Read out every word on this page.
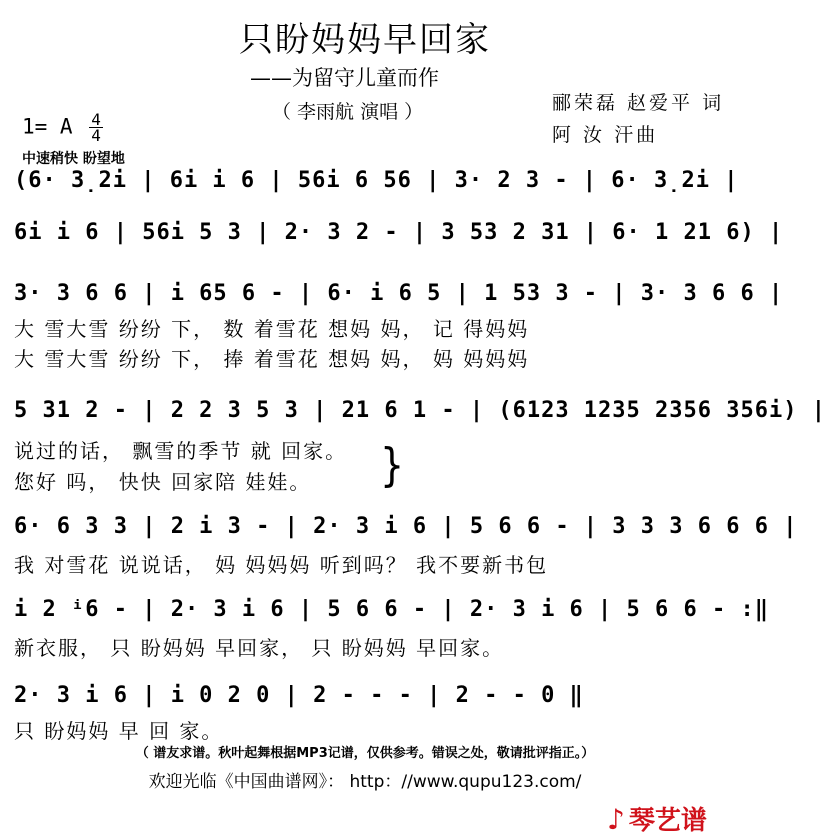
只盼妈妈早回家
——为留守儿童而作
（ 李雨航 演唱 ）	郦荣磊 赵爱平 词
阿 汝 汗曲
1= A $\frac{4}{4}$
中速稍快 盼望地
(6· 3̣2i | 6i i 6 | 56i 6 56 | 3· 2 3 - | 6· 3̣2i |
6i i 6 | 56i 5 3 | 2· 3 2 - | 3 53 2 31 | 6· 1 21 6) |
3· 3 6 6 | i 65 6 - | 6· i 6 5 | 1 53 3 - | 3· 3 6 6 |
大 雪大雪 纷纷 下， 数 着雪花 想妈 妈， 记 得妈妈
大 雪大雪 纷纷 下， 捧 着雪花 想妈 妈， 妈 妈妈妈
5 31 2 - | 2 2 3 5 3 | 21 6 1 - | (6123 1235 2356 356i) |
说过的话， 飘雪的季节 就 回家。
您好 吗， 快快 回家陪 娃娃。 }
6· 6 3 3 | 2 i 3 - | 2· 3 i 6 | 5 6 6 - | 3 3 3 6 6 6 |
我 对雪花 说说话， 妈 妈妈妈 听到吗？ 我不要新书包
i 2 ⁱ6 - | 2· 3 i 6 | 5 6 6 - | 2· 3 i 6 | 5 6 6 - :‖
新衣服， 只 盼妈妈 早回家， 只 盼妈妈 早回家。
2· 3 i 6 | i 0 2 0 | 2 - - - | 2 - - 0 ‖
只 盼妈妈 早 回 家。
（ 谱友求谱。秋叶起舞根据MP3记谱，仅供参考。错误之处，敬请批评指正。）
欢迎光临《中国曲谱网》： http：//www.qupu123.com/
♪ 琴艺谱
